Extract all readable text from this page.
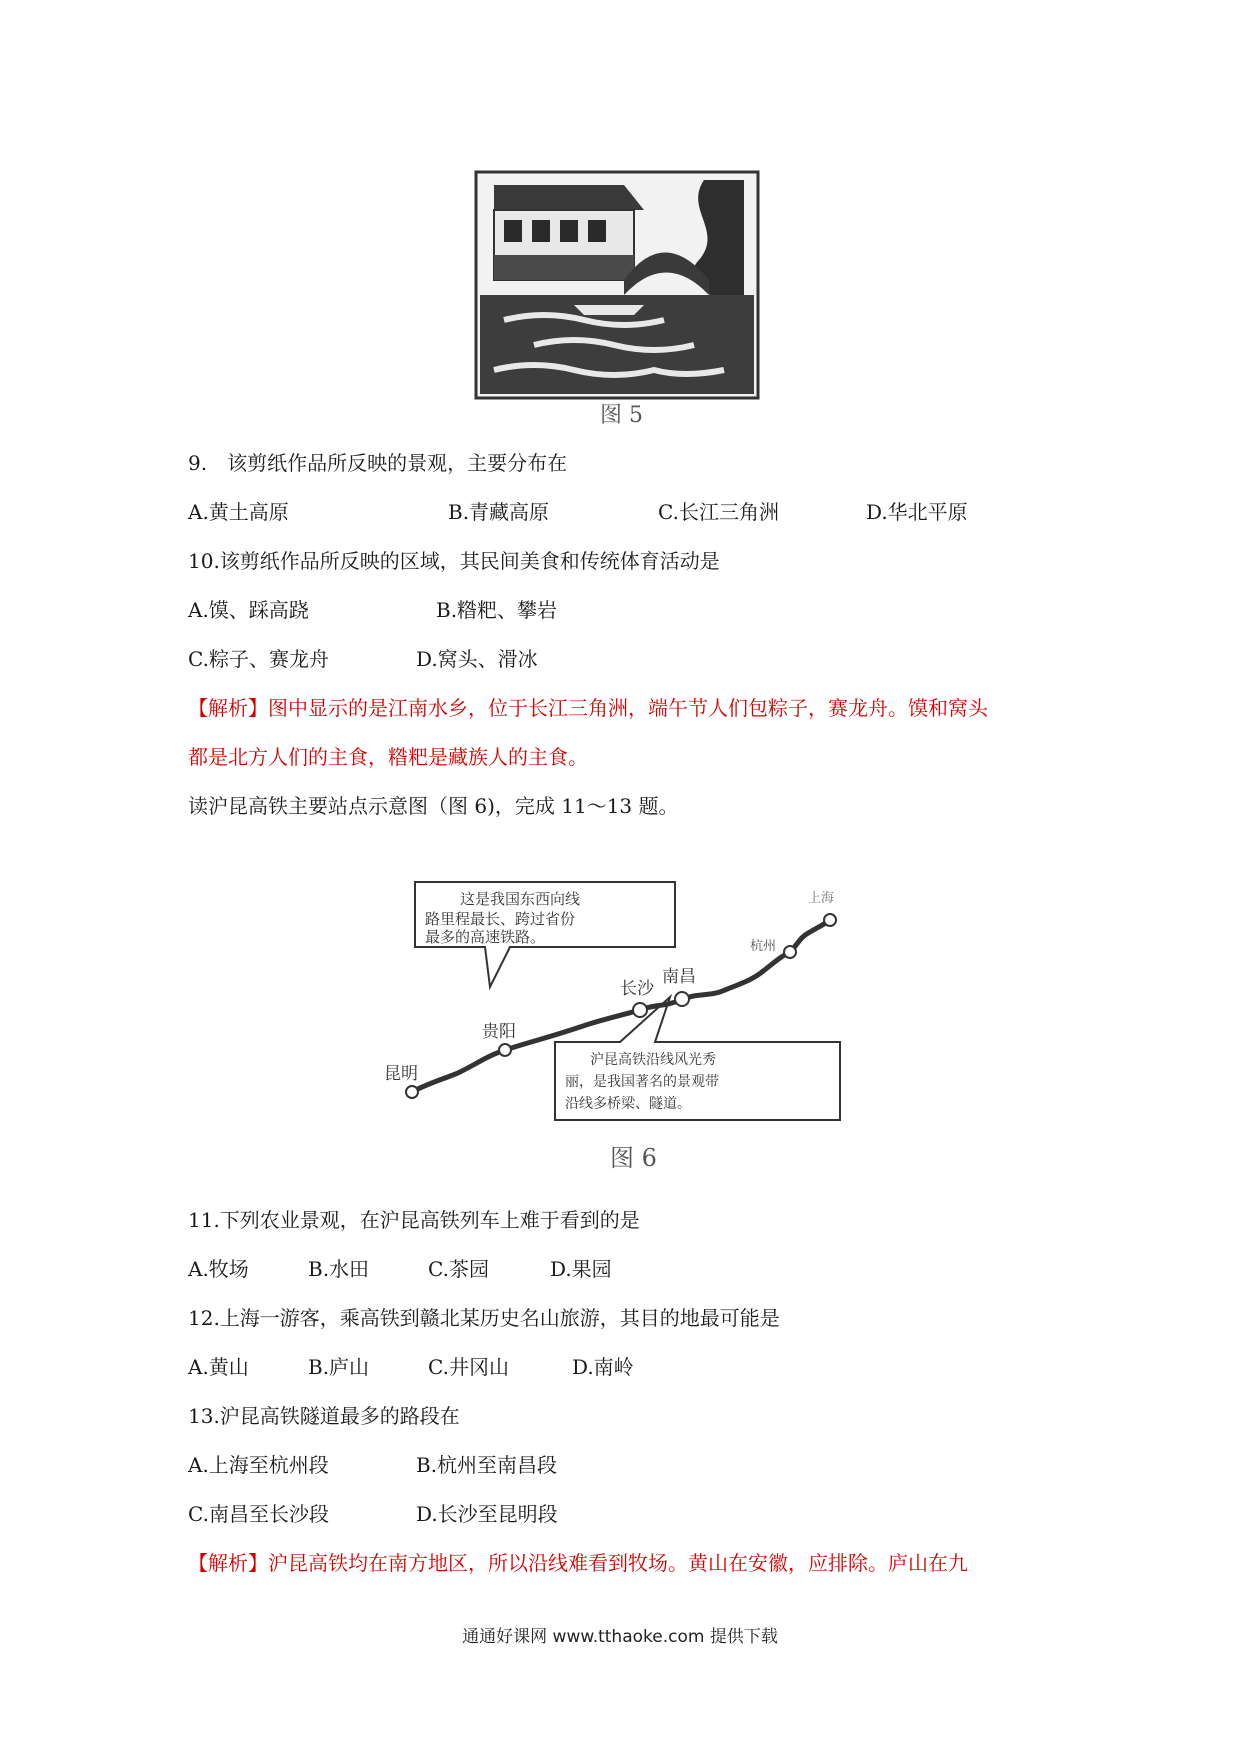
图 5
9.　该剪纸作品所反映的景观，主要分布在
A.黄土高原	B.青藏高原	C.长江三角洲	D.华北平原
10.该剪纸作品所反映的区域，其民间美食和传统体育活动是
A.馍、踩高跷	B.糌粑、攀岩
C.粽子、赛龙舟	D.窝头、滑冰
【解析】图中显示的是江南水乡，位于长江三角洲，端午节人们包粽子，赛龙舟。馍和窝头
都是北方人们的主食，糌粑是藏族人的主食。
读沪昆高铁主要站点示意图（图 6)，完成 11～13 题。
这是我国东西向线
路里程最长、跨过省份
最多的高速铁路。
沪昆高铁沿线风光秀
丽，是我国著名的景观带
沿线多桥梁、隧道。
昆明
贵阳
长沙
南昌
杭州
上海
图 6
11.下列农业景观，在沪昆高铁列车上难于看到的是
A.牧场	B.水田	C.茶园	D.果园
12.上海一游客，乘高铁到赣北某历史名山旅游，其目的地最可能是
A.黄山	B.庐山	C.井冈山	D.南岭
13.沪昆高铁隧道最多的路段在
A.上海至杭州段	B.杭州至南昌段
C.南昌至长沙段	D.长沙至昆明段
【解析】沪昆高铁均在南方地区，所以沿线难看到牧场。黄山在安徽，应排除。庐山在九
通通好课网 www.tthaoke.com 提供下载
